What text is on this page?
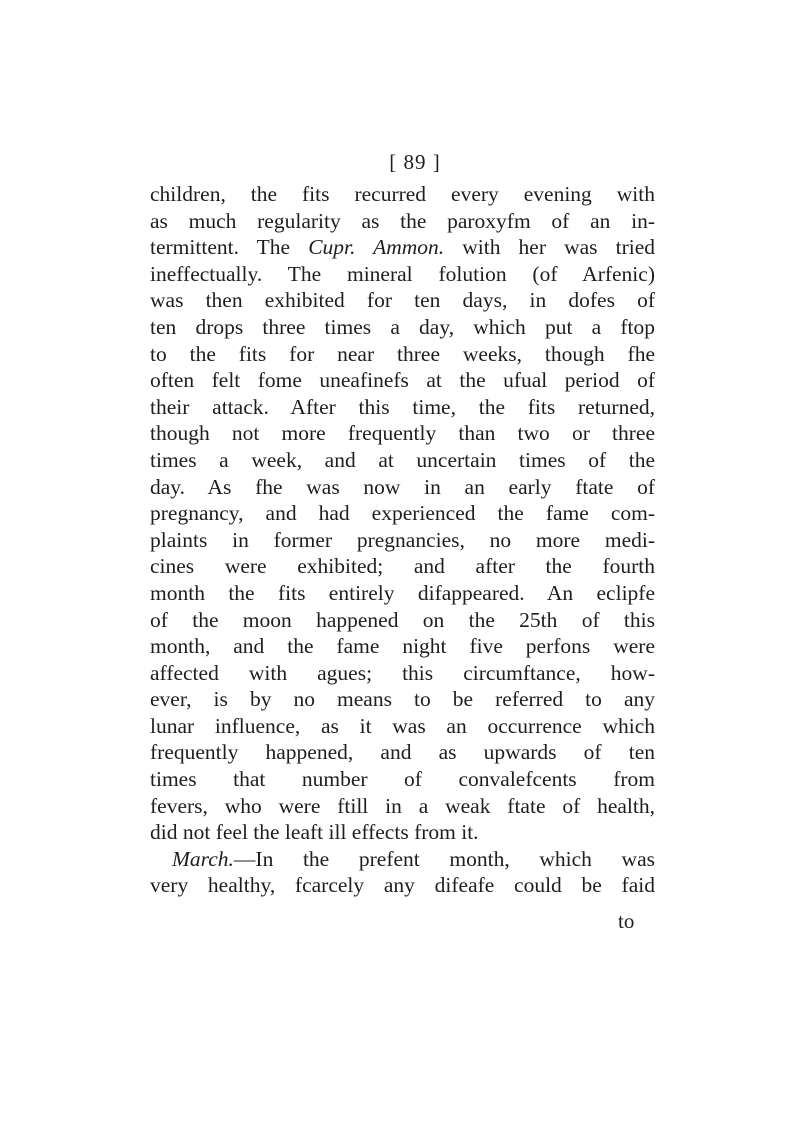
[ 89 ]
children, the fits recurred every evening with
as much regularity as the paroxyfm of an in-
termittent. The Cupr. Ammon. with her was tried
ineffectually. The mineral folution (of Arfenic)
was then exhibited for ten days, in dofes of
ten drops three times a day, which put a ftop
to the fits for near three weeks, though fhe
often felt fome uneafinefs at the ufual period of
their attack. After this time, the fits returned,
though not more frequently than two or three
times a week, and at uncertain times of the
day. As fhe was now in an early ftate of
pregnancy, and had experienced the fame com-
plaints in former pregnancies, no more medi-
cines were exhibited; and after the fourth
month the fits entirely difappeared. An eclipfe
of the moon happened on the 25th of this
month, and the fame night five perfons were
affected with agues; this circumftance, how-
ever, is by no means to be referred to any
lunar influence, as it was an occurrence which
frequently happened, and as upwards of ten
times that number of convalefcents from
fevers, who were ftill in a weak ftate of health,
did not feel the leaft ill effects from it.
March.—In the prefent month, which was
very healthy, fcarcely any difeafe could be faid
to
